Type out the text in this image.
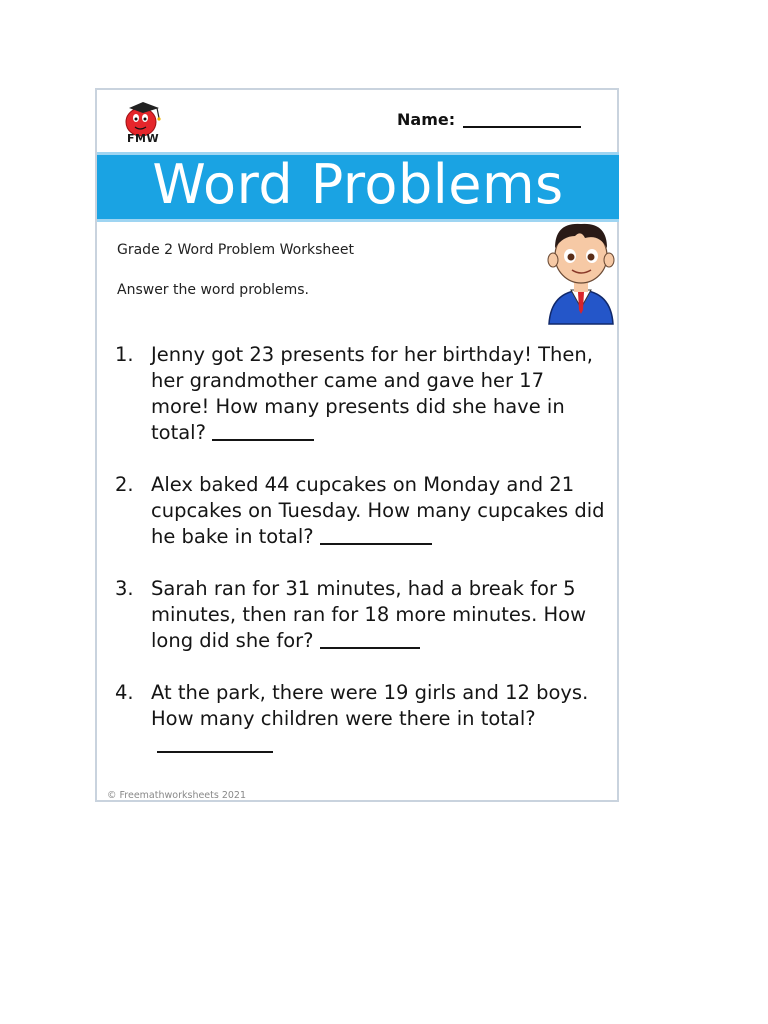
FMW
Name:
Word Problems
Grade 2 Word Problem Worksheet
Answer the word problems.
1. Jenny got 23 presents for her birthday! Then, her grandmother came and gave her 17 more! How many presents did she have in total?
2. Alex baked 44 cupcakes on Monday and 21 cupcakes on Tuesday. How many cupcakes did he bake in total?
3. Sarah ran for 31 minutes, had a break for 5 minutes, then ran for 18 more minutes. How long did she for?
4. At the park, there were 19 girls and 12 boys. How many children were there in total?
© Freemathworksheets 2021
